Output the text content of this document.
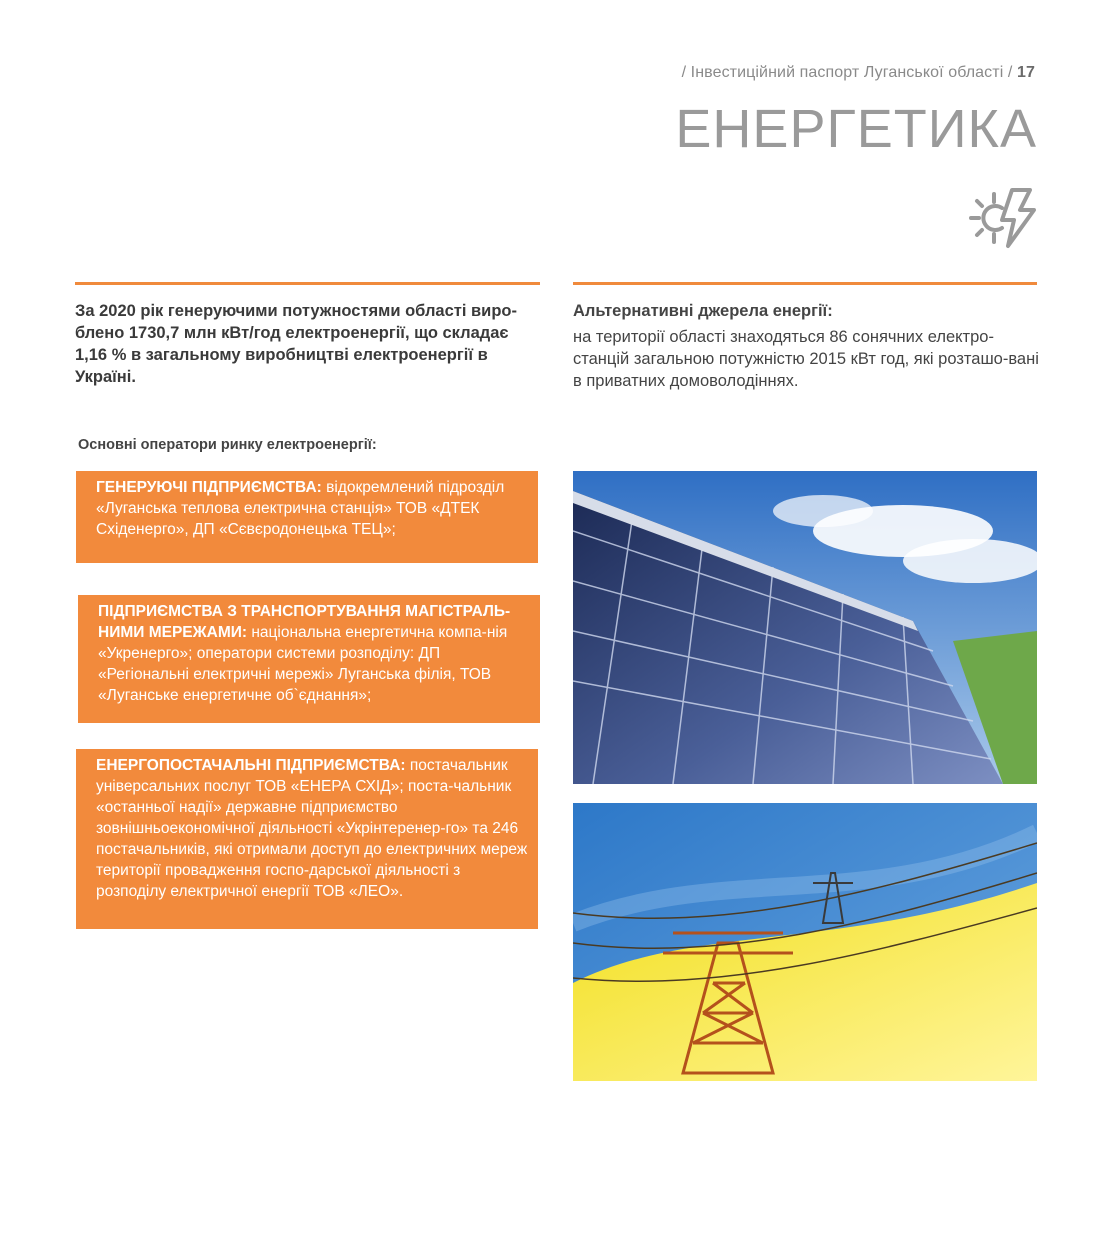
/ Інвестиційний паспорт Луганської області / 17
ЕНЕРГЕТИКА
За 2020 рік генеруючими потужностями області виро-бленo 1730,7 млн кВт/год електроенергії, що складає 1,16 % в загальному виробництві електроенергії в Україні.
Альтернативні джерела енергії:
на території області знаходяться 86 сонячних електро-станцій загальною потужністю 2015 кВт год, які розташо-вані в приватних домоволодіннях.
Основні оператори ринку електроенергії:
ГЕНЕРУЮЧІ ПІДПРИЄМСТВА: відокремлений підрозділ «Луганська теплова електрична станція» ТОВ «ДТЕК Східенерго», ДП «Сєвєродонецька ТЕЦ»;
ПІДПРИЄМСТВА З ТРАНСПОРТУВАННЯ МАГІСТРАЛЬ-НИМИ МЕРЕЖАМИ: національна енергетична компа-нія «Укренерго»; оператори системи розподілу: ДП «Регіональні електричні мережі» Луганська філія, ТОВ «Луганське енергетичне об`єднання»;
ЕНЕРГОПОСТАЧАЛЬНІ ПІДПРИЄМСТВА: постачальник універсальних послуг ТОВ «ЕНЕРА СХІД»; поста-чальник «останньої надії» державне підприємство зовнішньоекономічної діяльності «Укрінтеренер-го» та 246 постачальників, які отримали доступ до електричних мереж території провадження госпо-дарської діяльності з розподілу електричної енергії ТОВ «ЛЕО».
